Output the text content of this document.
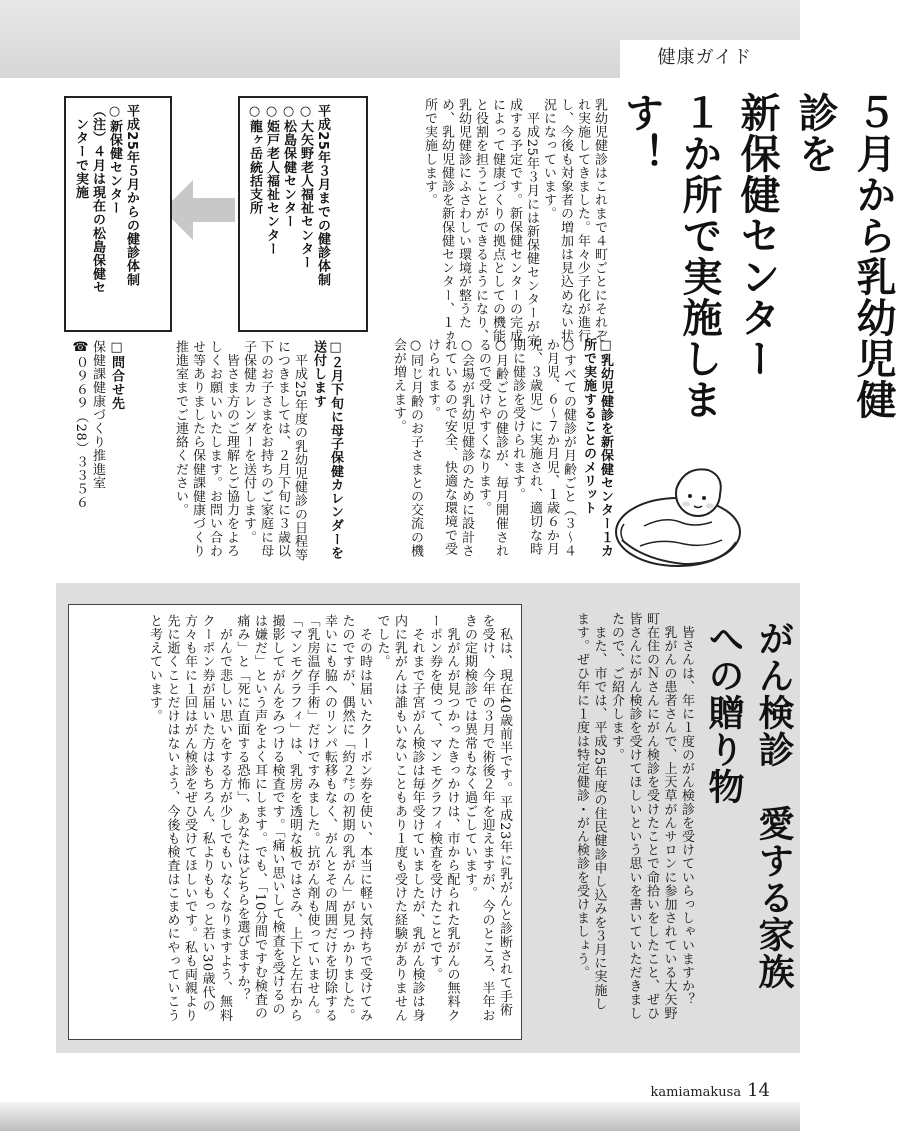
健康ガイド
５月から乳幼児健診を
新保健センター
１か所で実施します！
乳幼児健診はこれまで４町ごとにそれぞれ実施してきました。年々少子化が進行し、今後も対象者の増加は見込めない状況になっています。
　平成25年３月には新保健センターが完成する予定です。新保健センターの完成によって健康づくりの拠点としての機能と役割を担うことができるようになり、乳幼児健診にふさわしい環境が整うため、乳幼児健診を新保健センター、１ヵ所で実施します。
□乳幼児健診を新保健センター１カ所で実施することのメリット
○すべての健診が月齢ごと（３～４か月児、６～７か月児、１歳６か月児、３歳児）に実施され、適切な時期に健診を受けられます。
○月齢ごとの健診が、毎月開催されるので受けやすくなります。
○会場が乳幼児健診のために設計されているので安全、快適な環境で受けられます。
○同じ月齢のお子さまとの交流の機会が増えます。
□２月下旬に母子保健カレンダーを送付します
　平成25年度の乳幼児健診の日程等につきましては、２月下旬に３歳以下のお子さまをお持ちのご家庭に母子保健カレンダーを送付します。
　皆さま方のご理解とご協力をよろしくお願いいたします。お問い合わせ等ありましたら保健課健康づくり推進室までご連絡ください。
□問合せ先
保健課健康づくり推進室
☎０９６９（28）３３５６
平成25年３月までの健診体制
○大矢野老人福祉センター
○松島保健センター
○姫戸老人福祉センター
○龍ヶ岳統括支所
平成25年５月からの健診体制
○新保健センター
（注）４月は現在の松島保健セ
　ンターで実施
がん検診　愛する家族への贈り物
　皆さんは、年に１度のがん検診を受けていらっしゃいますか？
　乳がんの患者さんで、上天草がんサロンに参加されている大矢野町在住のＮさんにがん検診を受けたことで命拾いをしたこと、ぜひ皆さんにがん検診を受けてほしいという思いを書いていただきましたので、ご紹介します。
　また、市では、平成25年度の住民健診申し込みを３月に実施します。ぜひ年に１度は特定健診・がん検診を受けましょう。
　私は、現在40歳前半です。平成23年に乳がんと診断されて手術を受け、今年の３月で術後２年を迎えますが、今のところ、半年おきの定期検診では異常もなく過ごしています。
　乳がんが見つかったきっかけは、市から配られた乳がんの無料クーポン券を使って、マンモグラフィ検査を受けたことです。
　それまで子宮がん検診は毎年受けていましたが、乳がん検診は身内に乳がんは誰もいないこともあり１度も受けた経験がありませんでした。
　その時は届いたクーポン券を使い、本当に軽い気持ちで受けてみたのですが、偶然に「約２㌢の初期の乳がん」が見つかりました。幸いにも脇へのリンパ転移もなく、がんとその周囲だけを切除する「乳房温存手術」だけですみました。抗がん剤も使っていません。「マンモグラフィ」は、乳房を透明な板ではさみ、上下と左右から撮影してがんをみつける検査です。「痛い思いして検査を受けるのは嫌だ」という声をよく耳にします。でも、「10分間ですむ検査の痛み」と「死に直面する恐怖」、あなたはどちらを選びますか？
　がんで悲しい思いをする方が少しでもいなくなりますよう、無料クーポン券が届いた方はもちろん、私よりももっと若い30歳代の方々も年に１回はがん検診をぜひ受けてほしいです。私も両親より先に逝くことだけはないよう、今後も検査はこまめにやっていこうと考えています。
kamiamakusa 14
